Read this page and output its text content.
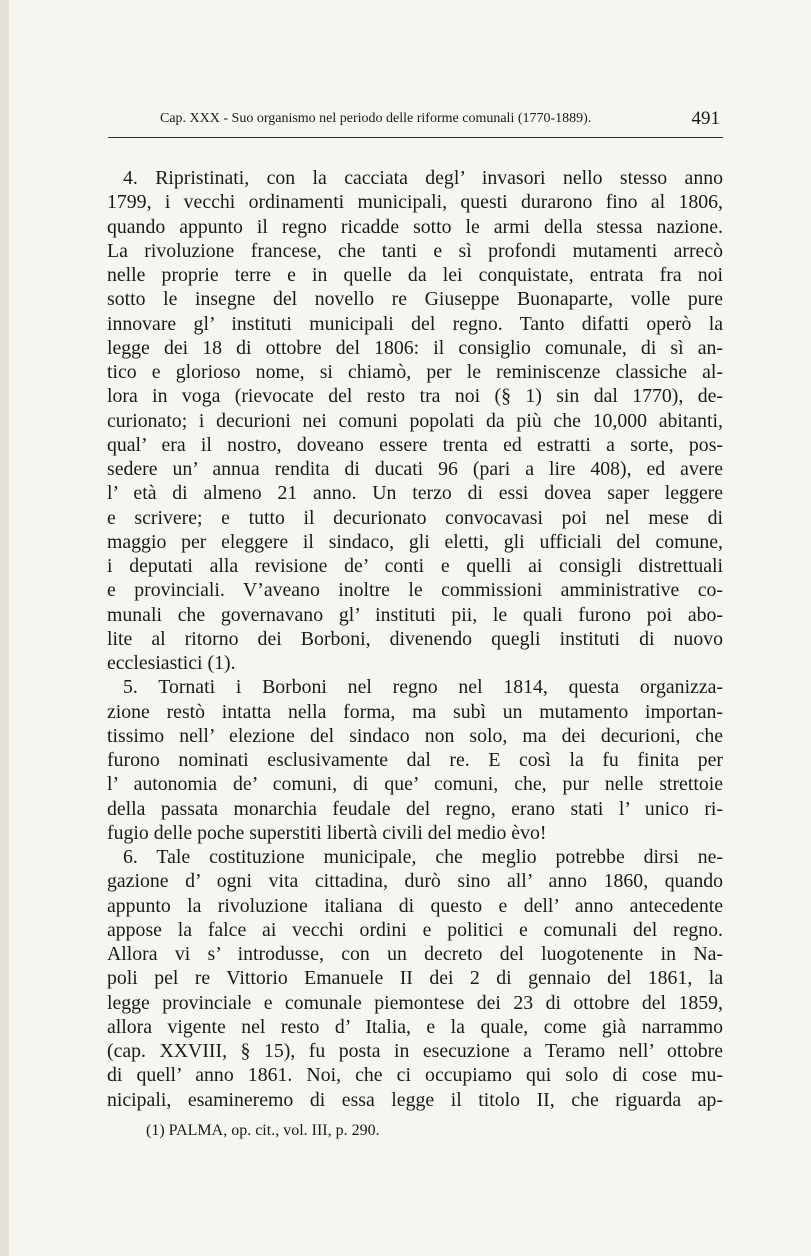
Cap. XXX - Suo organismo nel periodo delle riforme comunali (1770-1889).	491
4. Ripristinati, con la cacciata degl’ invasori nello stesso anno
1799, i vecchi ordinamenti municipali, questi durarono fino al 1806,
quando appunto il regno ricadde sotto le armi della stessa nazione.
La rivoluzione francese, che tanti e sì profondi mutamenti arrecò
nelle proprie terre e in quelle da lei conquistate, entrata fra noi
sotto le insegne del novello re Giuseppe Buonaparte, volle pure
innovare gl’ instituti municipali del regno. Tanto difatti operò la
legge dei 18 di ottobre del 1806: il consiglio comunale, di sì an-
tico e glorioso nome, si chiamò, per le reminiscenze classiche al-
lora in voga (rievocate del resto tra noi (§ 1) sin dal 1770), de-
curionato; i decurioni nei comuni popolati da più che 10,000 abitanti,
qual’ era il nostro, doveano essere trenta ed estratti a sorte, pos-
sedere un’ annua rendita di ducati 96 (pari a lire 408), ed avere
l’ età di almeno 21 anno. Un terzo di essi dovea saper leggere
e scrivere; e tutto il decurionato convocavasi poi nel mese di
maggio per eleggere il sindaco, gli eletti, gli ufficiali del comune,
i deputati alla revisione de’ conti e quelli ai consigli distrettuali
e provinciali. V’aveano inoltre le commissioni amministrative co-
munali che governavano gl’ instituti pii, le quali furono poi abo-
lite al ritorno dei Borboni, divenendo quegli instituti di nuovo
ecclesiastici (1).
5. Tornati i Borboni nel regno nel 1814, questa organizza-
zione restò intatta nella forma, ma subì un mutamento importan-
tissimo nell’ elezione del sindaco non solo, ma dei decurioni, che
furono nominati esclusivamente dal re. E così la fu finita per
l’ autonomia de’ comuni, di que’ comuni, che, pur nelle strettoie
della passata monarchia feudale del regno, erano stati l’ unico ri-
fugio delle poche superstiti libertà civili del medio èvo!
6. Tale costituzione municipale, che meglio potrebbe dirsi ne-
gazione d’ ogni vita cittadina, durò sino all’ anno 1860, quando
appunto la rivoluzione italiana di questo e dell’ anno antecedente
appose la falce ai vecchi ordini e politici e comunali del regno.
Allora vi s’ introdusse, con un decreto del luogotenente in Na-
poli pel re Vittorio Emanuele II dei 2 di gennaio del 1861, la
legge provinciale e comunale piemontese dei 23 di ottobre del 1859,
allora vigente nel resto d’ Italia, e la quale, come già narrammo
(cap. XXVIII, § 15), fu posta in esecuzione a Teramo nell’ ottobre
di quell’ anno 1861. Noi, che ci occupiamo qui solo di cose mu-
nicipali, esamineremo di essa legge il titolo II, che riguarda ap-
(1) PALMA, op. cit., vol. III, p. 290.
